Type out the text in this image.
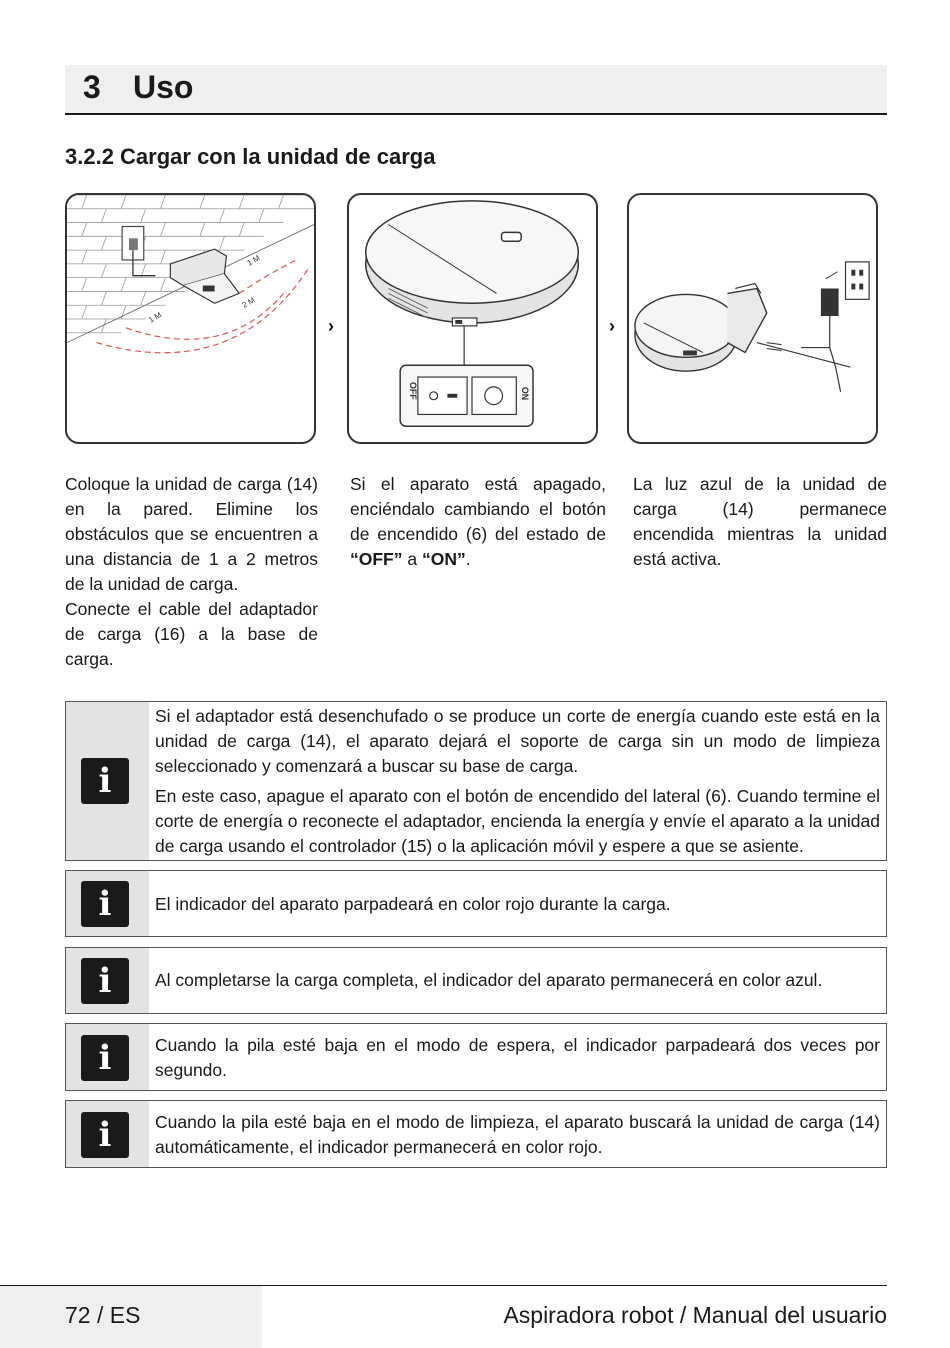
3 Uso
3.2.2 Cargar con la unidad de carga
1 M
2 M
1 M	›
OFF	ON
›
Coloque la unidad de carga (14) en la pared. Elimine los obstáculos que se encuentren a una distancia de 1 a 2 metros de la unidad de carga.
Conecte el cable del adaptador de carga (16) a la base de carga.
Si el aparato está apagado, enciéndalo cambiando el botón de encendido (6) del estado de “OFF” a “ON”.
La luz azul de la unidad de carga (14) permanece encendida mientras la unidad está activa.
i

Si el adaptador está desenchufado o se produce un corte de energía cuando este está en la unidad de carga (14), el aparato dejará el soporte de carga sin un modo de limpieza seleccionado y comenzará a buscar su base de carga.

En este caso, apague el aparato con el botón de encendido del lateral (6). Cuando termine el corte de energía o reconecte el adaptador, encienda la energía y envíe el aparato a la unidad de carga usando el controlador (15) o la aplicación móvil y espere a que se asiente.

i El indicador del aparato parpadeará en color rojo durante la carga.

i Al completarse la carga completa, el indicador del aparato permanecerá en color azul.

i Cuando la pila esté baja en el modo de espera, el indicador parpadeará dos veces por segundo.

i Cuando la pila esté baja en el modo de limpieza, el aparato buscará la unidad de carga (14) automáticamente, el indicador permanecerá en color rojo.

72 / ES	Aspiradora robot / Manual del usuario
